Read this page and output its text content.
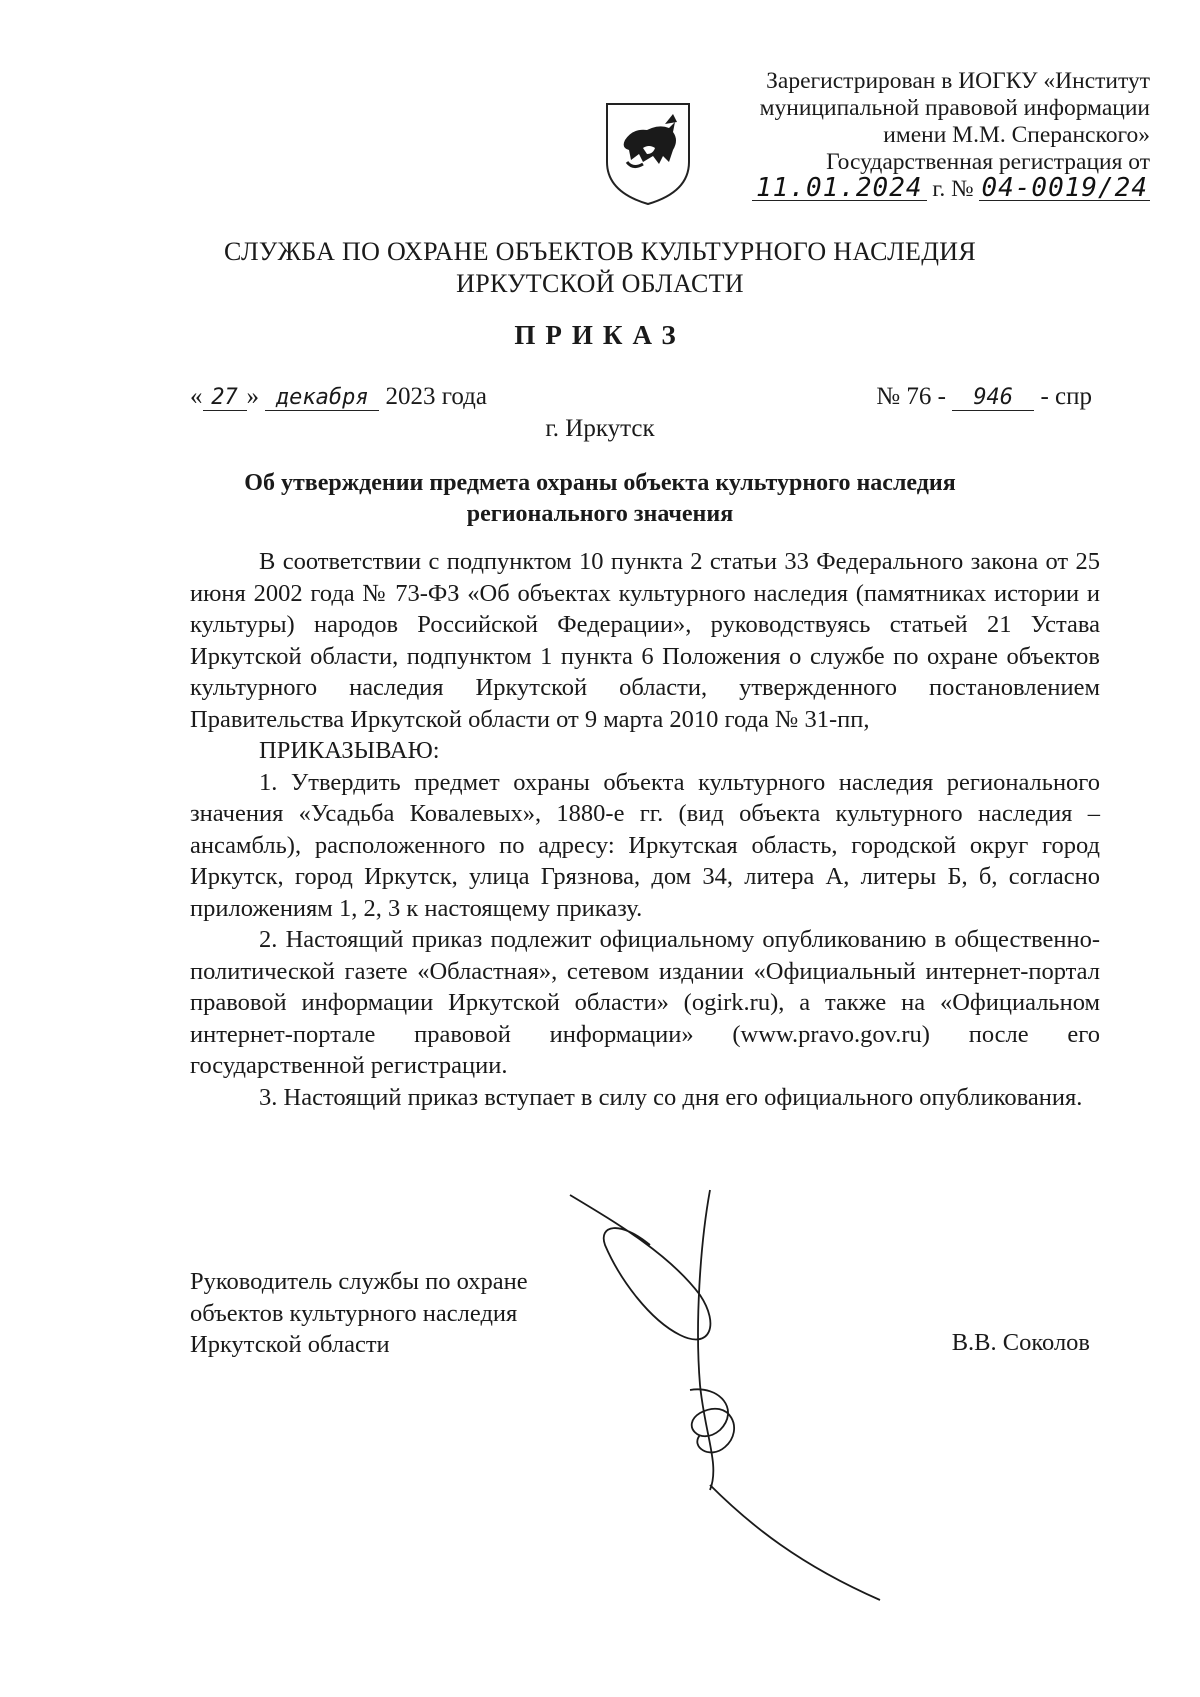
Зарегистрирован в ИОГКУ «Институт
муниципальной правовой информации
имени М.М. Сперанского»
Государственная регистрация от
11.01.2024 г. № 04-0019/24
СЛУЖБА ПО ОХРАНЕ ОБЪЕКТОВ КУЛЬТУРНОГО НАСЛЕДИЯ
ИРКУТСКОЙ ОБЛАСТИ
ПРИКАЗ
« 27 » декабря 2023 года	№ 76 - 946 - спр
г. Иркутск
Об утверждении предмета охраны объекта культурного наследия
регионального значения

В соответствии с подпунктом 10 пункта 2 статьи 33 Федерального закона от 25 июня 2002 года № 73-ФЗ «Об объектах культурного наследия (памятниках истории и культуры) народов Российской Федерации», руководствуясь статьей 21 Устава Иркутской области, подпунктом 1 пункта 6 Положения о службе по охране объектов культурного наследия Иркутской области, утвержденного постановлением Правительства Иркутской области от 9 марта 2010 года № 31-пп,

ПРИКАЗЫВАЮ:

1. Утвердить предмет охраны объекта культурного наследия регионального значения «Усадьба Ковалевых», 1880-е гг. (вид объекта культурного наследия – ансамбль), расположенного по адресу: Иркутская область, городской округ город Иркутск, город Иркутск, улица Грязнова, дом 34, литера А, литеры Б, б, согласно приложениям 1, 2, 3 к настоящему приказу.

2. Настоящий приказ подлежит официальному опубликованию в общественно-политической газете «Областная», сетевом издании «Официальный интернет-портал правовой информации Иркутской области» (ogirk.ru), а также на «Официальном интернет-портале правовой информации» (www.pravo.gov.ru) после его государственной регистрации.

3. Настоящий приказ вступает в силу со дня его официального опубликования.

Руководитель службы по охране
объектов культурного наследия
Иркутской области	В.В. Соколов
